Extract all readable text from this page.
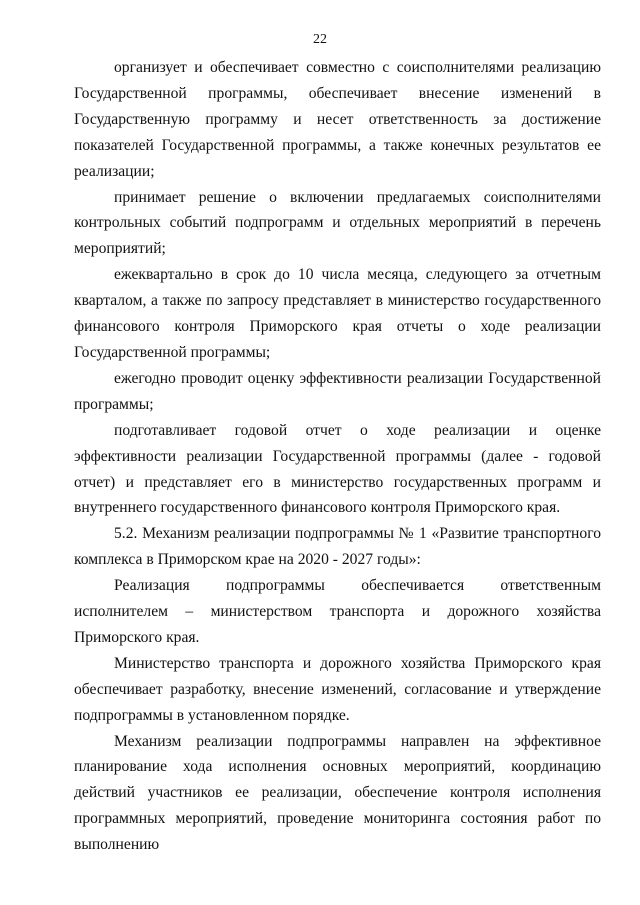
22

организует и обеспечивает совместно с соисполнителями реализацию Государственной программы, обеспечивает внесение изменений в Государственную программу и несет ответственность за достижение показателей Государственной программы, а также конечных результатов ее реализации;

принимает решение о включении предлагаемых соисполнителями контрольных событий подпрограмм и отдельных мероприятий в перечень мероприятий;

ежеквартально в срок до 10 числа месяца, следующего за отчетным кварталом, а также по запросу представляет в министерство государственного финансового контроля Приморского края отчеты о ходе реализации Государственной программы;

ежегодно проводит оценку эффективности реализации Государственной программы;

подготавливает годовой отчет о ходе реализации и оценке эффективности реализации Государственной программы (далее - годовой отчет) и представляет его в министерство государственных программ и внутреннего государственного финансового контроля Приморского края.

5.2. Механизм реализации подпрограммы № 1 «Развитие транспортного комплекса в Приморском крае на 2020 - 2027 годы»:

Реализация подпрограммы обеспечивается ответственным исполнителем – министерством транспорта и дорожного хозяйства Приморского края.

Министерство транспорта и дорожного хозяйства Приморского края обеспечивает разработку, внесение изменений, согласование и утверждение подпрограммы в установленном порядке.

Механизм реализации подпрограммы направлен на эффективное планирование хода исполнения основных мероприятий, координацию действий участников ее реализации, обеспечение контроля исполнения программных мероприятий, проведение мониторинга состояния работ по выполнению
